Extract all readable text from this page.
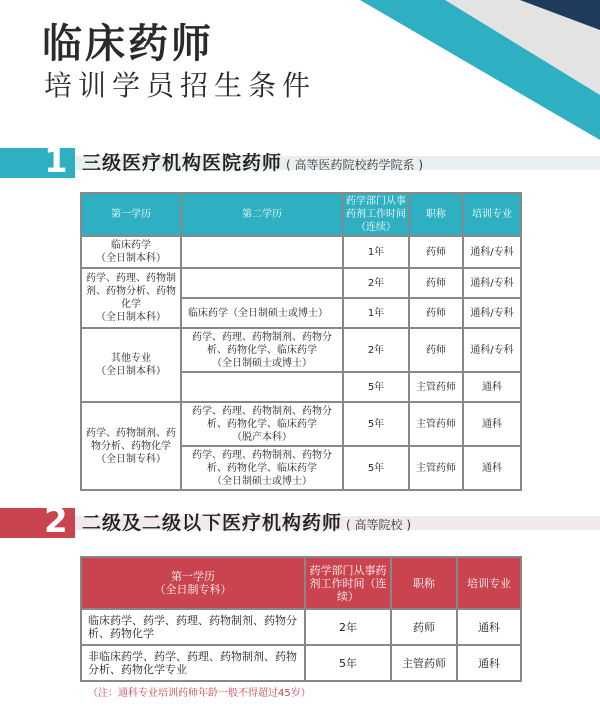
临床药师
培训学员招生条件
1 三级医疗机构医院药师 ( 高等医药院校药学院系 )
第一学历	第二学历	药学部门从事药剂工作时间（连续）	职称	培训专业
临床药学
（全日制本科）		1年	药师	通科/专科
药学、药理、药物制剂、药物分析、药物化学
（全日制本科）		2年	药师	通科/专科
	临床药学（全日制硕士或博士）	1年	药师	通科/专科
其他专业
（全日制本科）	药学、药理、药物制剂、药物分析、药物化学、临床药学
（全日制硕士或博士）	2年	药师	通科/专科
		5年	主管药师	通科
药学、药物制剂、药物分析、药物化学
（全日制专科）	药学、药理、药物制剂、药物分析、药物化学、临床药学
（脱产本科）	5年	主管药师	通科
	药学、药理、药物制剂、药物分析、药物化学、临床药学
（全日制硕士或博士）	5年	主管药师	通科
2 二级及二级以下医疗机构药师 ( 高等院校 )
第一学历
（全日制专科）	药学部门从事药剂工作时间（连续）	职称	培训专业
临床药学、药学、药理、药物制剂、药物分析、药物化学	2年	药师	通科
非临床药学、药学、药理、药物制剂、药物分析、药物化学专业	5年	主管药师	通科
（注：通科专业培训药师年龄一般不得超过45岁）
